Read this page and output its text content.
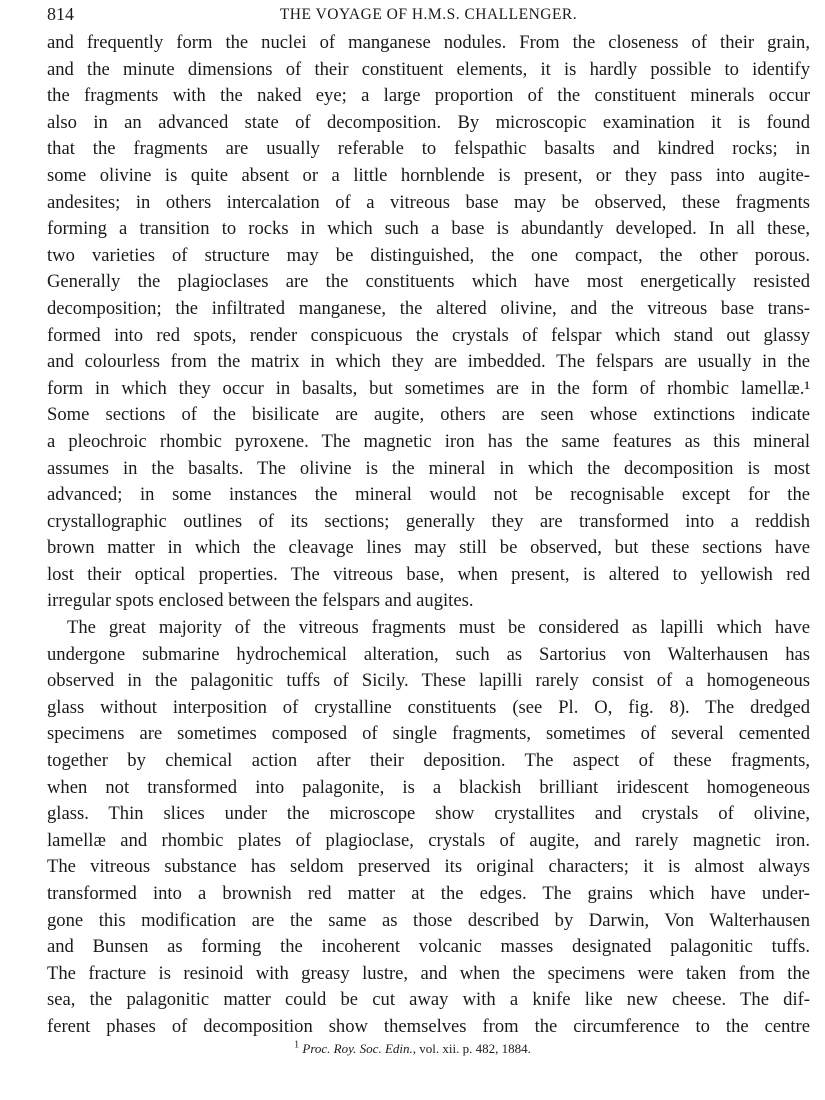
814	THE VOYAGE OF H.M.S. CHALLENGER.
and frequently form the nuclei of manganese nodules. From the closeness of their grain,
and the minute dimensions of their constituent elements, it is hardly possible to identify
the fragments with the naked eye; a large proportion of the constituent minerals occur
also in an advanced state of decomposition. By microscopic examination it is found
that the fragments are usually referable to felspathic basalts and kindred rocks; in
some olivine is quite absent or a little hornblende is present, or they pass into augite-
andesites; in others intercalation of a vitreous base may be observed, these fragments
forming a transition to rocks in which such a base is abundantly developed. In all these,
two varieties of structure may be distinguished, the one compact, the other porous.
Generally the plagioclases are the constituents which have most energetically resisted
decomposition; the infiltrated manganese, the altered olivine, and the vitreous base trans-
formed into red spots, render conspicuous the crystals of felspar which stand out glassy
and colourless from the matrix in which they are imbedded. The felspars are usually in the
form in which they occur in basalts, but sometimes are in the form of rhombic lamellæ.¹
Some sections of the bisilicate are augite, others are seen whose extinctions indicate
a pleochroic rhombic pyroxene. The magnetic iron has the same features as this mineral
assumes in the basalts. The olivine is the mineral in which the decomposition is most
advanced; in some instances the mineral would not be recognisable except for the
crystallographic outlines of its sections; generally they are transformed into a reddish
brown matter in which the cleavage lines may still be observed, but these sections have
lost their optical properties. The vitreous base, when present, is altered to yellowish red
irregular spots enclosed between the felspars and augites.
The great majority of the vitreous fragments must be considered as lapilli which have
undergone submarine hydrochemical alteration, such as Sartorius von Walterhausen has
observed in the palagonitic tuffs of Sicily. These lapilli rarely consist of a homogeneous
glass without interposition of crystalline constituents (see Pl. O, fig. 8). The dredged
specimens are sometimes composed of single fragments, sometimes of several cemented
together by chemical action after their deposition. The aspect of these fragments,
when not transformed into palagonite, is a blackish brilliant iridescent homogeneous
glass. Thin slices under the microscope show crystallites and crystals of olivine,
lamellæ and rhombic plates of plagioclase, crystals of augite, and rarely magnetic iron.
The vitreous substance has seldom preserved its original characters; it is almost always
transformed into a brownish red matter at the edges. The grains which have under-
gone this modification are the same as those described by Darwin, Von Walterhausen
and Bunsen as forming the incoherent volcanic masses designated palagonitic tuffs.
The fracture is resinoid with greasy lustre, and when the specimens were taken from the
sea, the palagonitic matter could be cut away with a knife like new cheese. The dif-
ferent phases of decomposition show themselves from the circumference to the centre
$^1$ Proc. Roy. Soc. Edin., vol. xii. p. 482, 1884.
